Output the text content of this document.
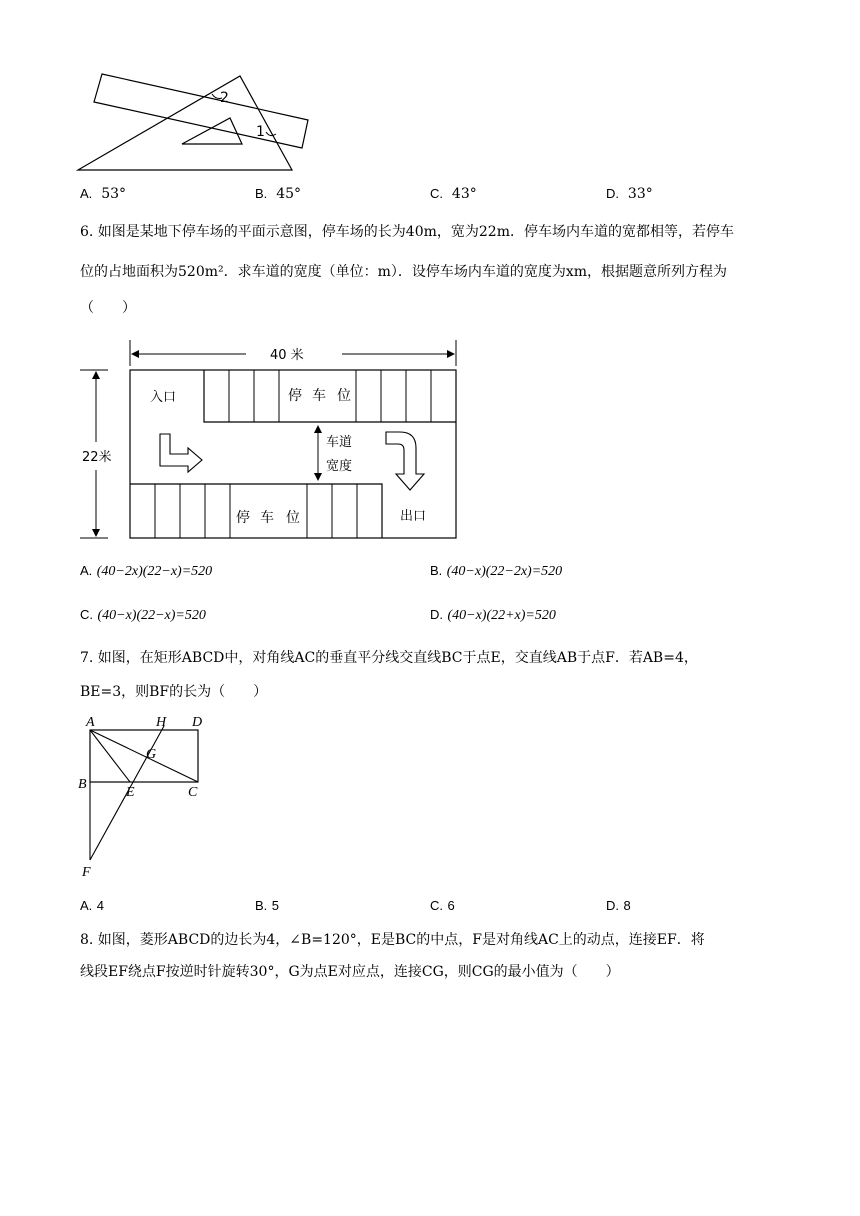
2
1
A. 53°	B. 45°	C. 43°	D. 33°
6. 如图是某地下停车场的平面示意图，停车场的长为40m，宽为22m．停车场内车道的宽都相等，若停车
位的占地面积为520m²．求车道的宽度（单位：m）．设停车场内车道的宽度为xm，根据题意所列方程为
（　　）
40 米
22米
停 车 位
停 车 位
入口
出口
车道
宽度
A. (40−2x)(22−x)=520	B. (40−x)(22−2x)=520
C. (40−x)(22−x)=520	D. (40−x)(22+x)=520
7. 如图，在矩形ABCD中，对角线AC的垂直平分线交直线BC于点E，交直线AB于点F．若AB=4，
BE=3，则BF的长为（　　）
A	H D
G
B
E	C
F
A. 4	B. 5	C. 6	D. 8
8. 如图，菱形ABCD的边长为4，∠B=120°，E是BC的中点，F是对角线AC上的动点，连接EF．将
线段EF绕点F按逆时针旋转30°，G为点E对应点，连接CG，则CG的最小值为（　　）
